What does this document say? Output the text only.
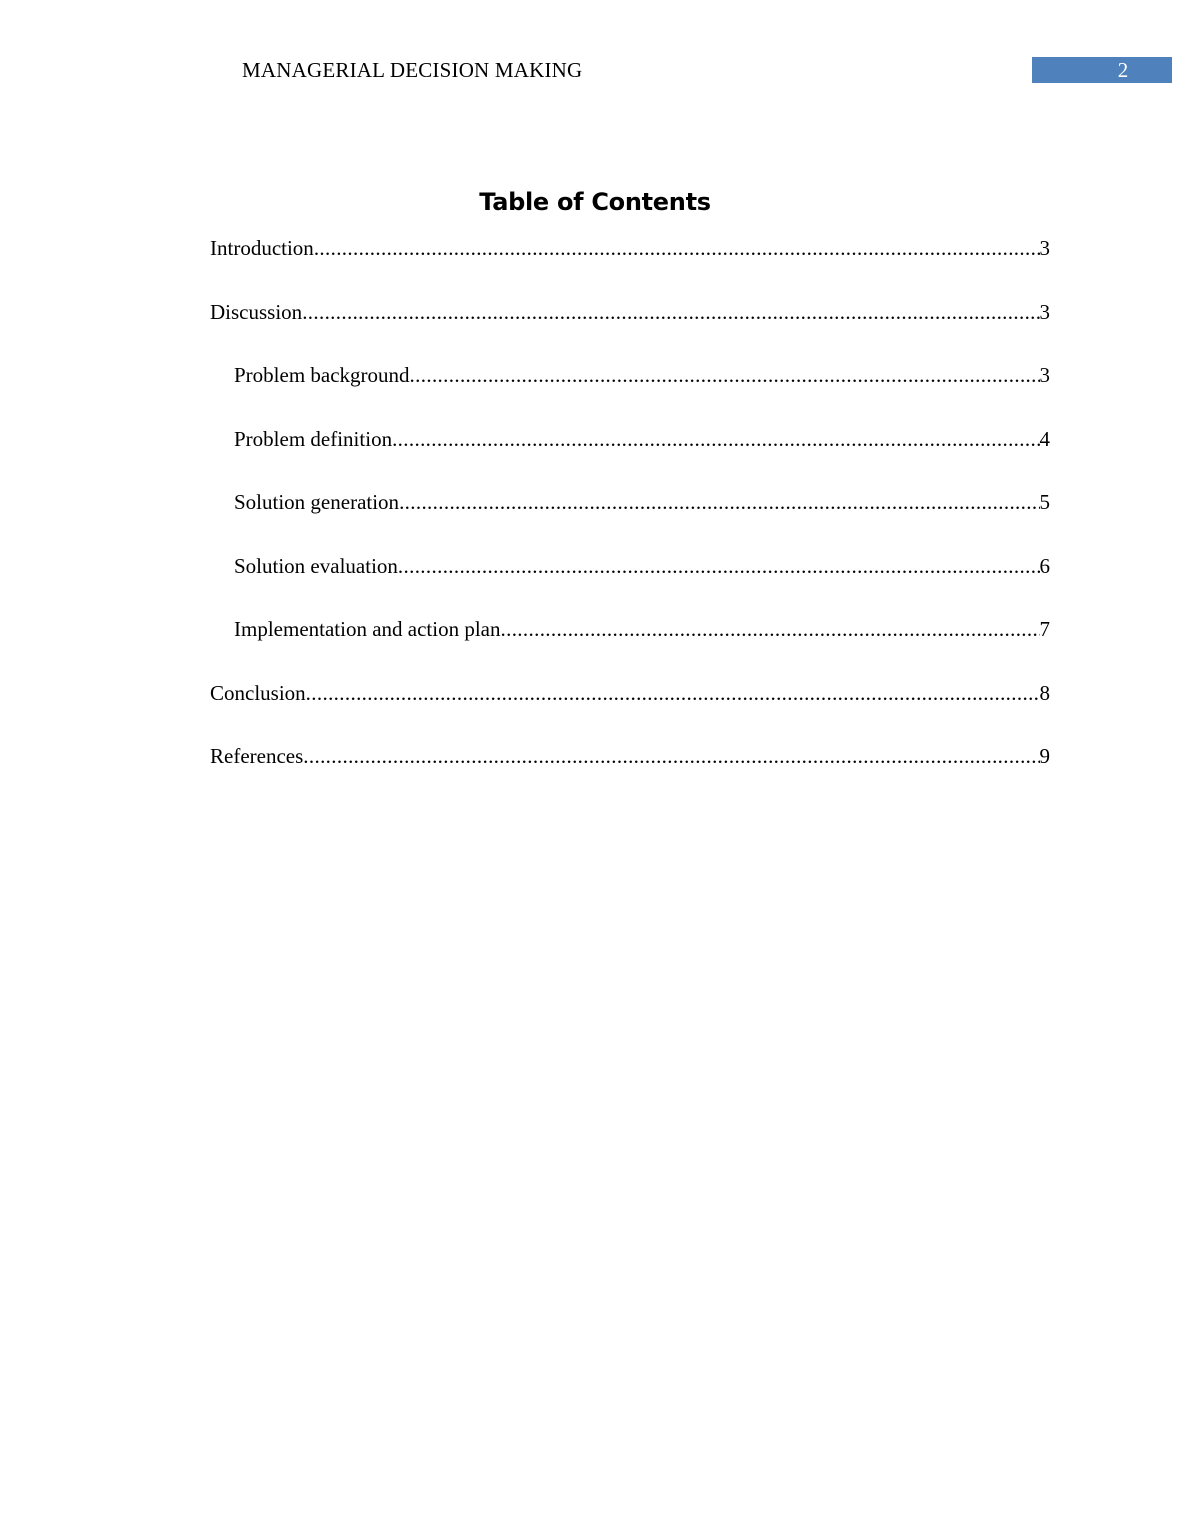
MANAGERIAL DECISION MAKING	2
Table of Contents
Introduction .....	3
Discussion .....	3
Problem background .....	3
Problem definition .....	4
Solution generation .....	5
Solution evaluation .....	6
Implementation and action plan .....	7
Conclusion .....	8
References .....	9
